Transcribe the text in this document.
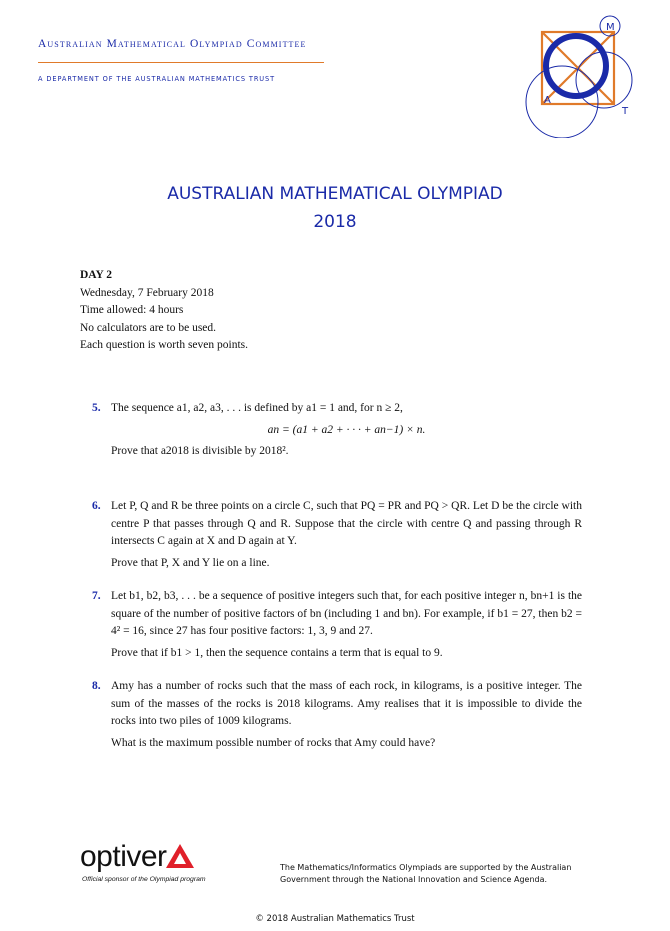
Australian Mathematical Olympiad Committee
A DEPARTMENT OF THE AUSTRALIAN MATHEMATICS TRUST
M
A
T
AUSTRALIAN MATHEMATICAL OLYMPIAD
2018
DAY 2
Wednesday, 7 February 2018
Time allowed: 4 hours
No calculators are to be used.
Each question is worth seven points.
5. The sequence a1, a2, a3, . . . is defined by a1 = 1 and, for n ≥ 2,
an = (a1 + a2 + · · · + an−1) × n.
Prove that a2018 is divisible by 2018².
6. Let P, Q and R be three points on a circle C, such that PQ = PR and PQ > QR. Let D be the circle with centre P that passes through Q and R. Suppose that the circle with centre Q and passing through R intersects C again at X and D again at Y.
Prove that P, X and Y lie on a line.
7. Let b1, b2, b3, . . . be a sequence of positive integers such that, for each positive integer n, bn+1 is the square of the number of positive factors of bn (including 1 and bn). For example, if b1 = 27, then b2 = 4² = 16, since 27 has four positive factors: 1, 3, 9 and 27.
Prove that if b1 > 1, then the sequence contains a term that is equal to 9.
8. Amy has a number of rocks such that the mass of each rock, in kilograms, is a positive integer. The sum of the masses of the rocks is 2018 kilograms. Amy realises that it is impossible to divide the rocks into two piles of 1009 kilograms.
What is the maximum possible number of rocks that Amy could have?
optiver
Official sponsor of the Olympiad program
The Mathematics/Informatics Olympiads are supported by the Australian
Government through the National Innovation and Science Agenda.
© 2018 Australian Mathematics Trust
